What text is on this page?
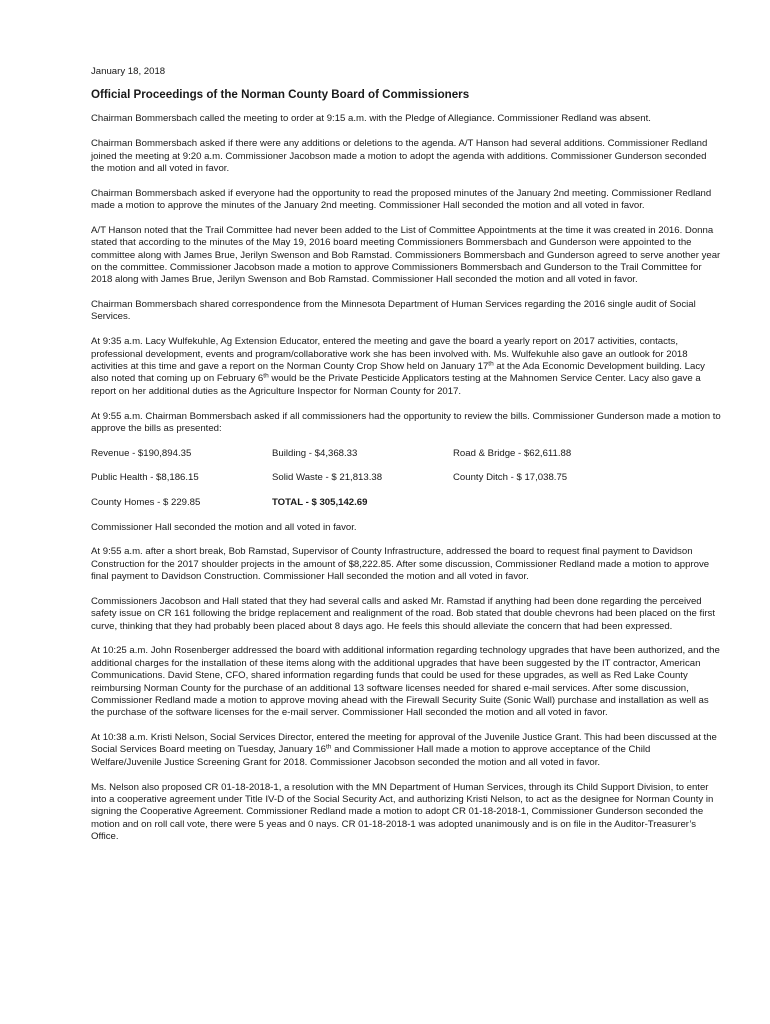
January 18, 2018
Official Proceedings of the Norman County Board of Commissioners

Chairman Bommersbach called the meeting to order at 9:15 a.m. with the Pledge of Allegiance. Commissioner Redland was absent.

Chairman Bommersbach asked if there were any additions or deletions to the agenda. A/T Hanson had several additions. Commissioner Redland joined the meeting at 9:20 a.m. Commissioner Jacobson made a motion to adopt the agenda with additions. Commissioner Gunderson seconded the motion and all voted in favor.

Chairman Bommersbach asked if everyone had the opportunity to read the proposed minutes of the January 2nd meeting. Commissioner Redland made a motion to approve the minutes of the January 2nd meeting. Commissioner Hall seconded the motion and all voted in favor.

A/T Hanson noted that the Trail Committee had never been added to the List of Committee Appointments at the time it was created in 2016. Donna stated that according to the minutes of the May 19, 2016 board meeting Commissioners Bommersbach and Gunderson were appointed to the committee along with James Brue, Jerilyn Swenson and Bob Ramstad. Commissioners Bommersbach and Gunderson agreed to serve another year on the committee. Commissioner Jacobson made a motion to approve Commissioners Bommersbach and Gunderson to the Trail Committee for 2018 along with James Brue, Jerilyn Swenson and Bob Ramstad. Commissioner Hall seconded the motion and all voted in favor.

Chairman Bommersbach shared correspondence from the Minnesota Department of Human Services regarding the 2016 single audit of Social Services.

At 9:35 a.m. Lacy Wulfekuhle, Ag Extension Educator, entered the meeting and gave the board a yearly report on 2017 activities, contacts, professional development, events and program/collaborative work she has been involved with. Ms. Wulfekuhle also gave an outlook for 2018 activities at this time and gave a report on the Norman County Crop Show held on January 17th at the Ada Economic Development building. Lacy also noted that coming up on February 6th would be the Private Pesticide Applicators testing at the Mahnomen Service Center. Lacy also gave a report on her additional duties as the Agriculture Inspector for Norman County for 2017.

At 9:55 a.m. Chairman Bommersbach asked if all commissioners had the opportunity to review the bills. Commissioner Gunderson made a motion to approve the bills as presented:

Revenue - $190,894.35	Building - $4,368.33	Road & Bridge - $62,611.88
Public Health - $8,186.15	Solid Waste - $ 21,813.38	County Ditch - $ 17,038.75
County Homes - $ 229.85	TOTAL - $ 305,142.69

Commissioner Hall seconded the motion and all voted in favor.

At 9:55 a.m. after a short break, Bob Ramstad, Supervisor of County Infrastructure, addressed the board to request final payment to Davidson Construction for the 2017 shoulder projects in the amount of $8,222.85. After some discussion, Commissioner Redland made a motion to approve final payment to Davidson Construction. Commissioner Hall seconded the motion and all voted in favor.

Commissioners Jacobson and Hall stated that they had several calls and asked Mr. Ramstad if anything had been done regarding the perceived safety issue on CR 161 following the bridge replacement and realignment of the road. Bob stated that double chevrons had been placed on the first curve, thinking that they had probably been placed about 8 days ago. He feels this should alleviate the concern that had been expressed.

At 10:25 a.m. John Rosenberger addressed the board with additional information regarding technology upgrades that have been authorized, and the additional charges for the installation of these items along with the additional upgrades that have been suggested by the IT contractor, American Communications. David Stene, CFO, shared information regarding funds that could be used for these upgrades, as well as Red Lake County reimbursing Norman County for the purchase of an additional 13 software licenses needed for shared e-mail services. After some discussion, Commissioner Redland made a motion to approve moving ahead with the Firewall Security Suite (Sonic Wall) purchase and installation as well as the purchase of the software licenses for the e-mail server. Commissioner Hall seconded the motion and all voted in favor.

At 10:38 a.m. Kristi Nelson, Social Services Director, entered the meeting for approval of the Juvenile Justice Grant. This had been discussed at the Social Services Board meeting on Tuesday, January 16th and Commissioner Hall made a motion to approve acceptance of the Child Welfare/Juvenile Justice Screening Grant for 2018. Commissioner Jacobson seconded the motion and all voted in favor.

Ms. Nelson also proposed CR 01-18-2018-1, a resolution with the MN Department of Human Services, through its Child Support Division, to enter into a cooperative agreement under Title IV-D of the Social Security Act, and authorizing Kristi Nelson, to act as the designee for Norman County in signing the Cooperative Agreement. Commissioner Redland made a motion to adopt CR 01-18-2018-1, Commissioner Gunderson seconded the motion and on roll call vote, there were 5 yeas and 0 nays. CR 01-18-2018-1 was adopted unanimously and is on file in the Auditor-Treasurer’s Office.
